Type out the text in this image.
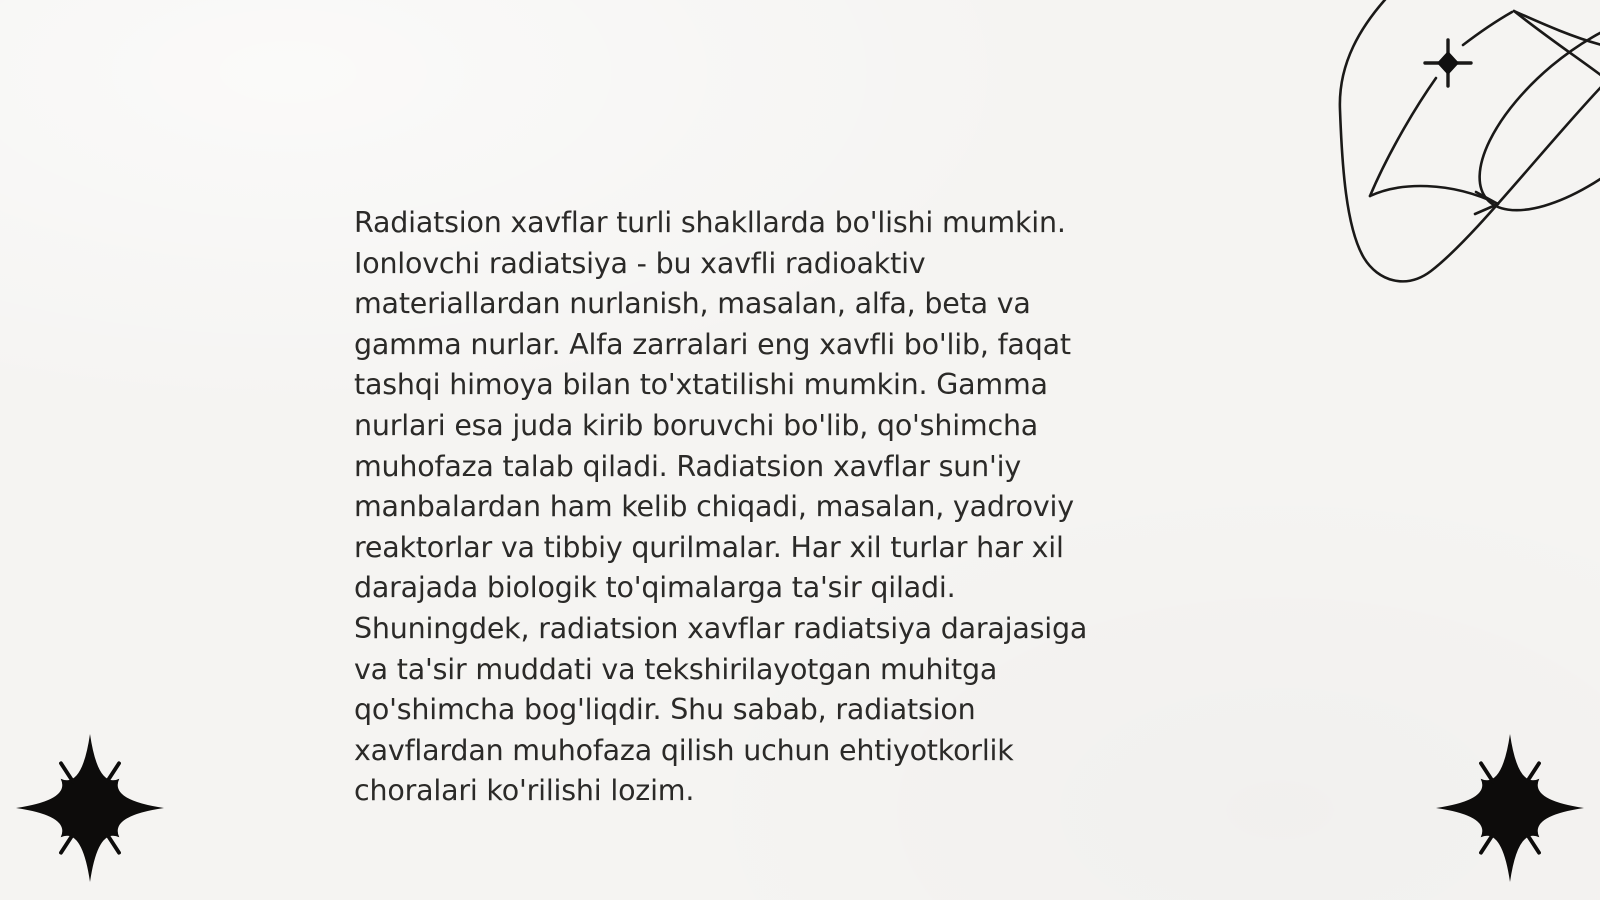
Radiatsion xavflar turli shakllarda bo'lishi mumkin.
Ionlovchi radiatsiya - bu xavfli radioaktiv
materiallardan nurlanish, masalan, alfa, beta va
gamma nurlar. Alfa zarralari eng xavfli bo'lib, faqat
tashqi himoya bilan to'xtatilishi mumkin. Gamma
nurlari esa juda kirib boruvchi bo'lib, qo'shimcha
muhofaza talab qiladi. Radiatsion xavflar sun'iy
manbalardan ham kelib chiqadi, masalan, yadroviy
reaktorlar va tibbiy qurilmalar. Har xil turlar har xil
darajada biologik to'qimalarga ta'sir qiladi.
Shuningdek, radiatsion xavflar radiatsiya darajasiga
va ta'sir muddati va tekshirilayotgan muhitga
qo'shimcha bog'liqdir. Shu sabab, radiatsion
xavflardan muhofaza qilish uchun ehtiyotkorlik
choralari ko'rilishi lozim.
